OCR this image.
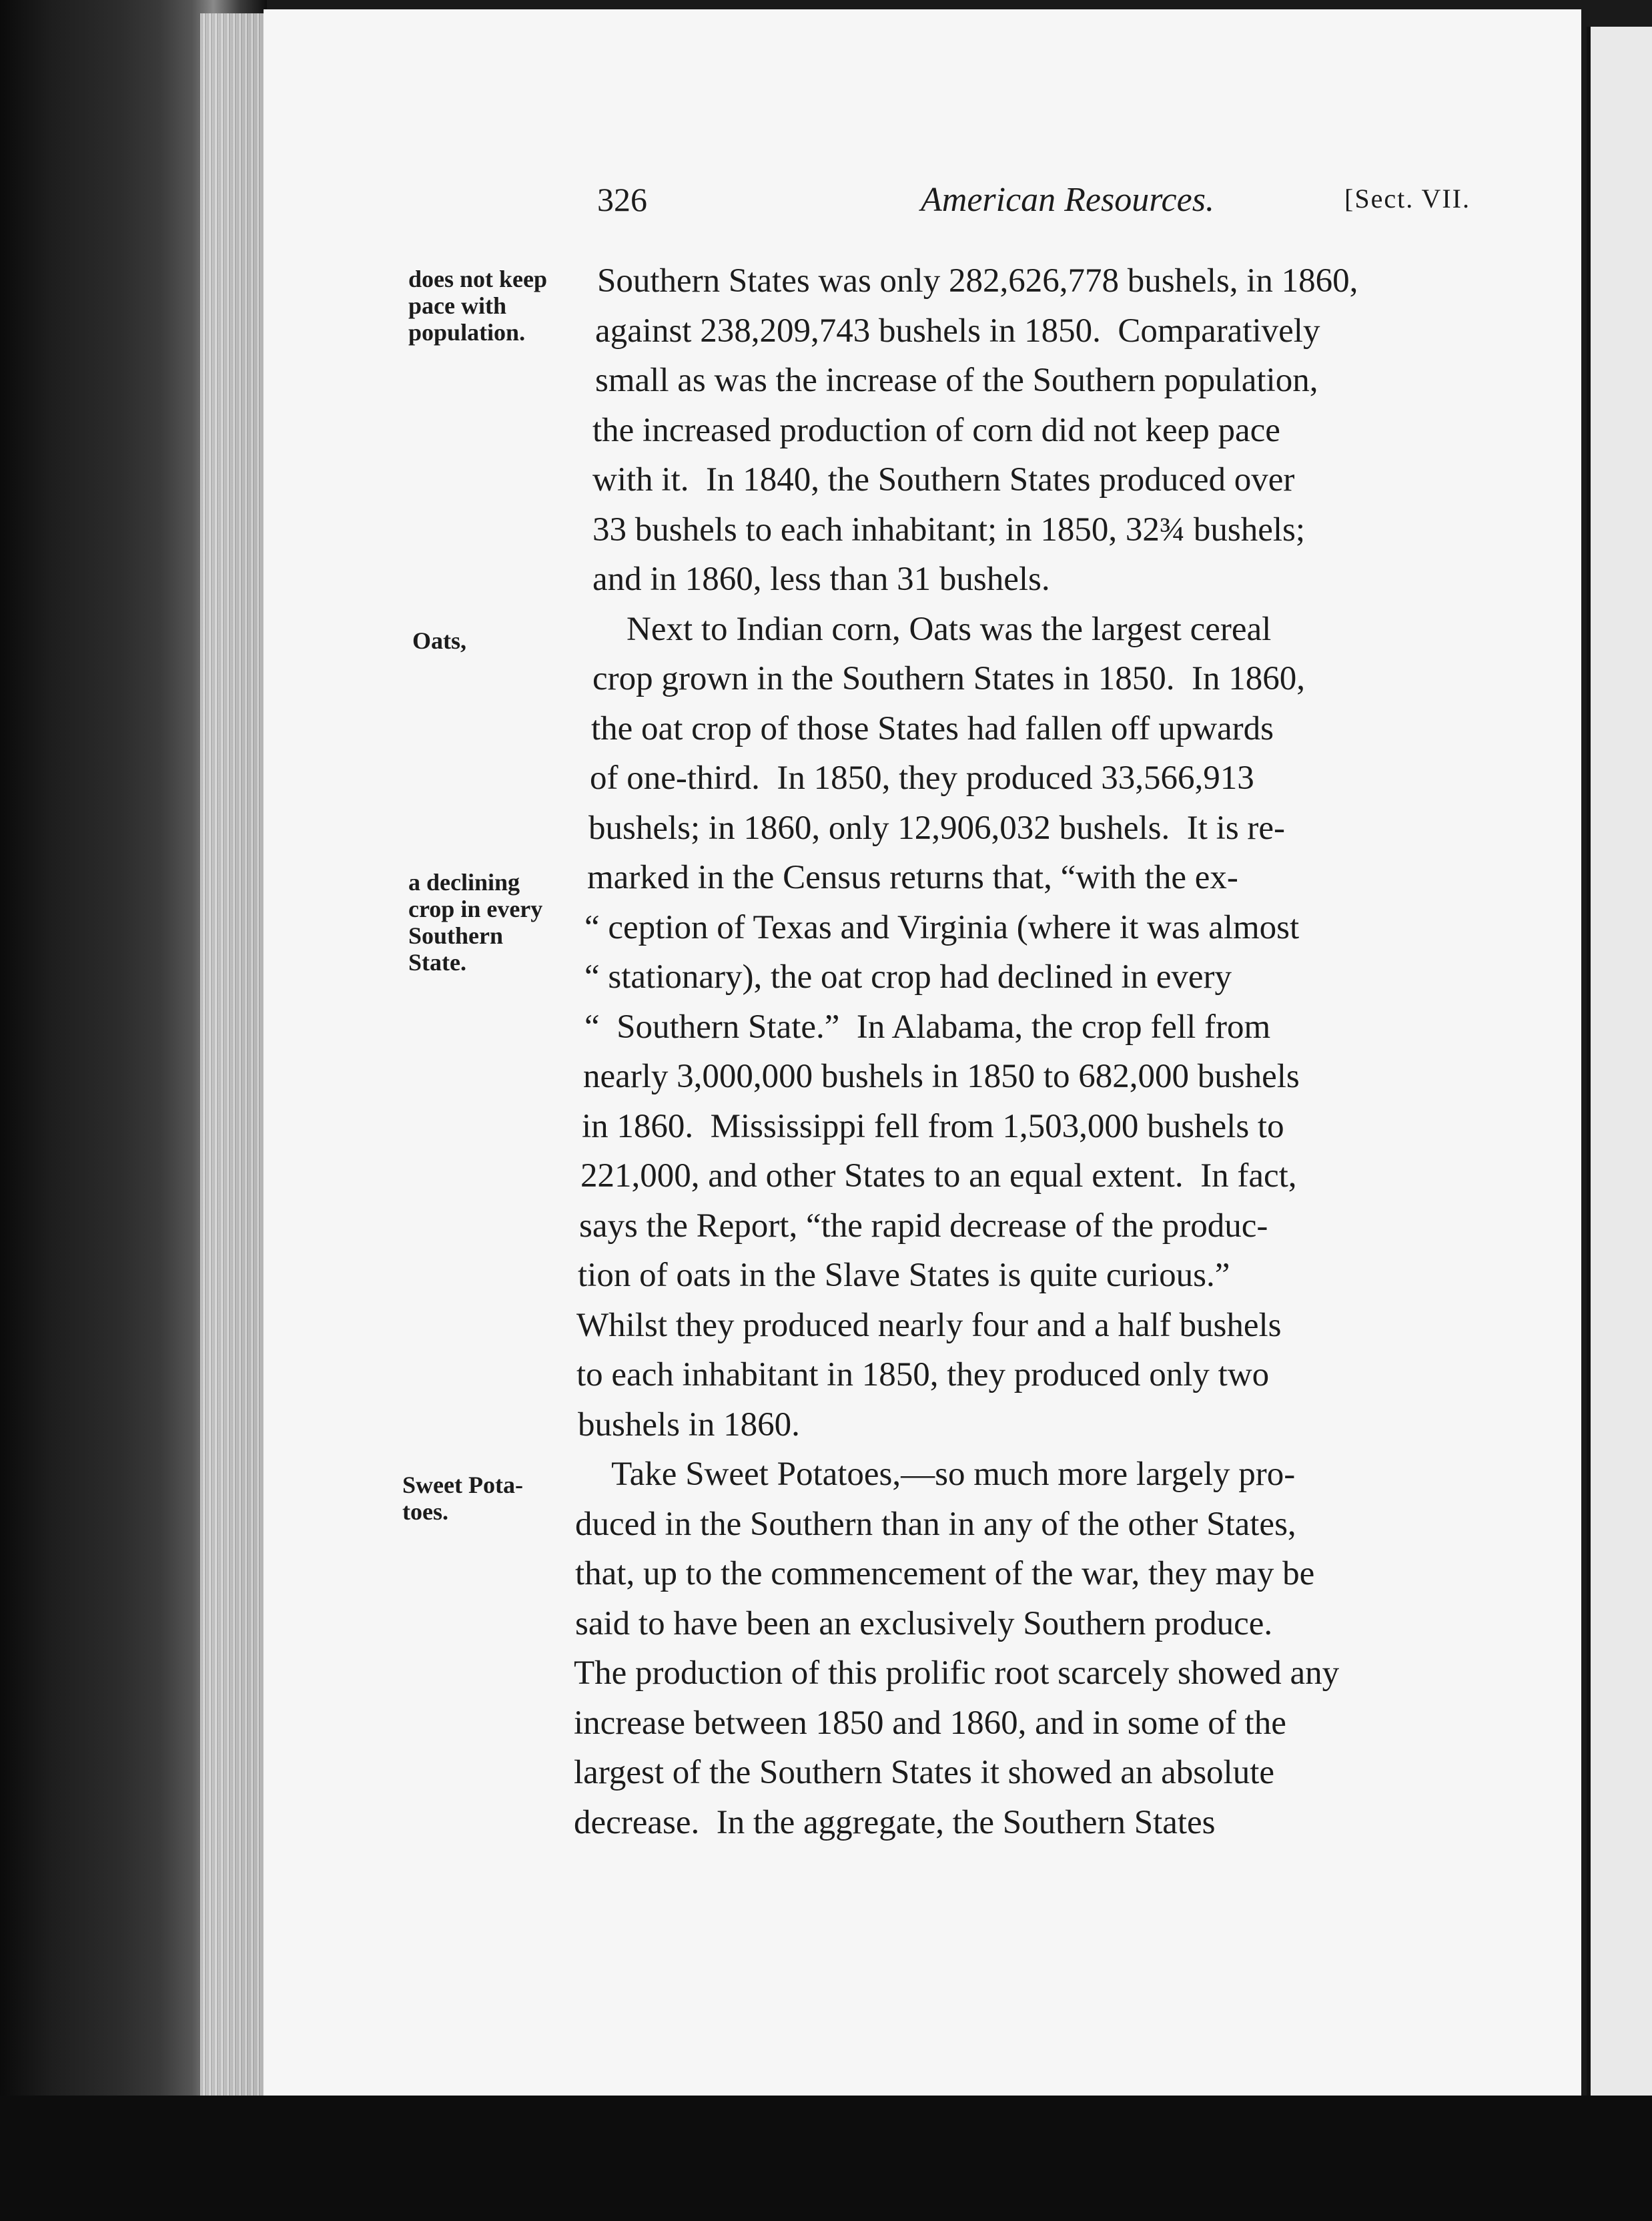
326	American Resources.	[Sect. VII.
does not keep
pace with
population.
Oats,
a declining
crop in every
Southern
State.
Sweet Pota-
toes.
Southern States was only 282,626,778 bushels, in 1860,
against 238,209,743 bushels in 1850.  Comparatively
small as was the increase of the Southern population,
the increased production of corn did not keep pace
with it.  In 1840, the Southern States produced over
33 bushels to each inhabitant; in 1850, 32¾ bushels;
and in 1860, less than 31 bushels.
Next to Indian corn, Oats was the largest cereal
crop grown in the Southern States in 1850.  In 1860,
the oat crop of those States had fallen off upwards
of one-third.  In 1850, they produced 33,566,913
bushels; in 1860, only 12,906,032 bushels.  It is re-
marked in the Census returns that, “with the ex-
“ ception of Texas and Virginia (where it was almost
“ stationary), the oat crop had declined in every
“  Southern State.”  In Alabama, the crop fell from
nearly 3,000,000 bushels in 1850 to 682,000 bushels
in 1860.  Mississippi fell from 1,503,000 bushels to
221,000, and other States to an equal extent.  In fact,
says the Report, “the rapid decrease of the produc-
tion of oats in the Slave States is quite curious.”
Whilst they produced nearly four and a half bushels
to each inhabitant in 1850, they produced only two
bushels in 1860.
Take Sweet Potatoes,—so much more largely pro-
duced in the Southern than in any of the other States,
that, up to the commencement of the war, they may be
said to have been an exclusively Southern produce.
The production of this prolific root scarcely showed any
increase between 1850 and 1860, and in some of the
largest of the Southern States it showed an absolute
decrease.  In the aggregate, the Southern States
